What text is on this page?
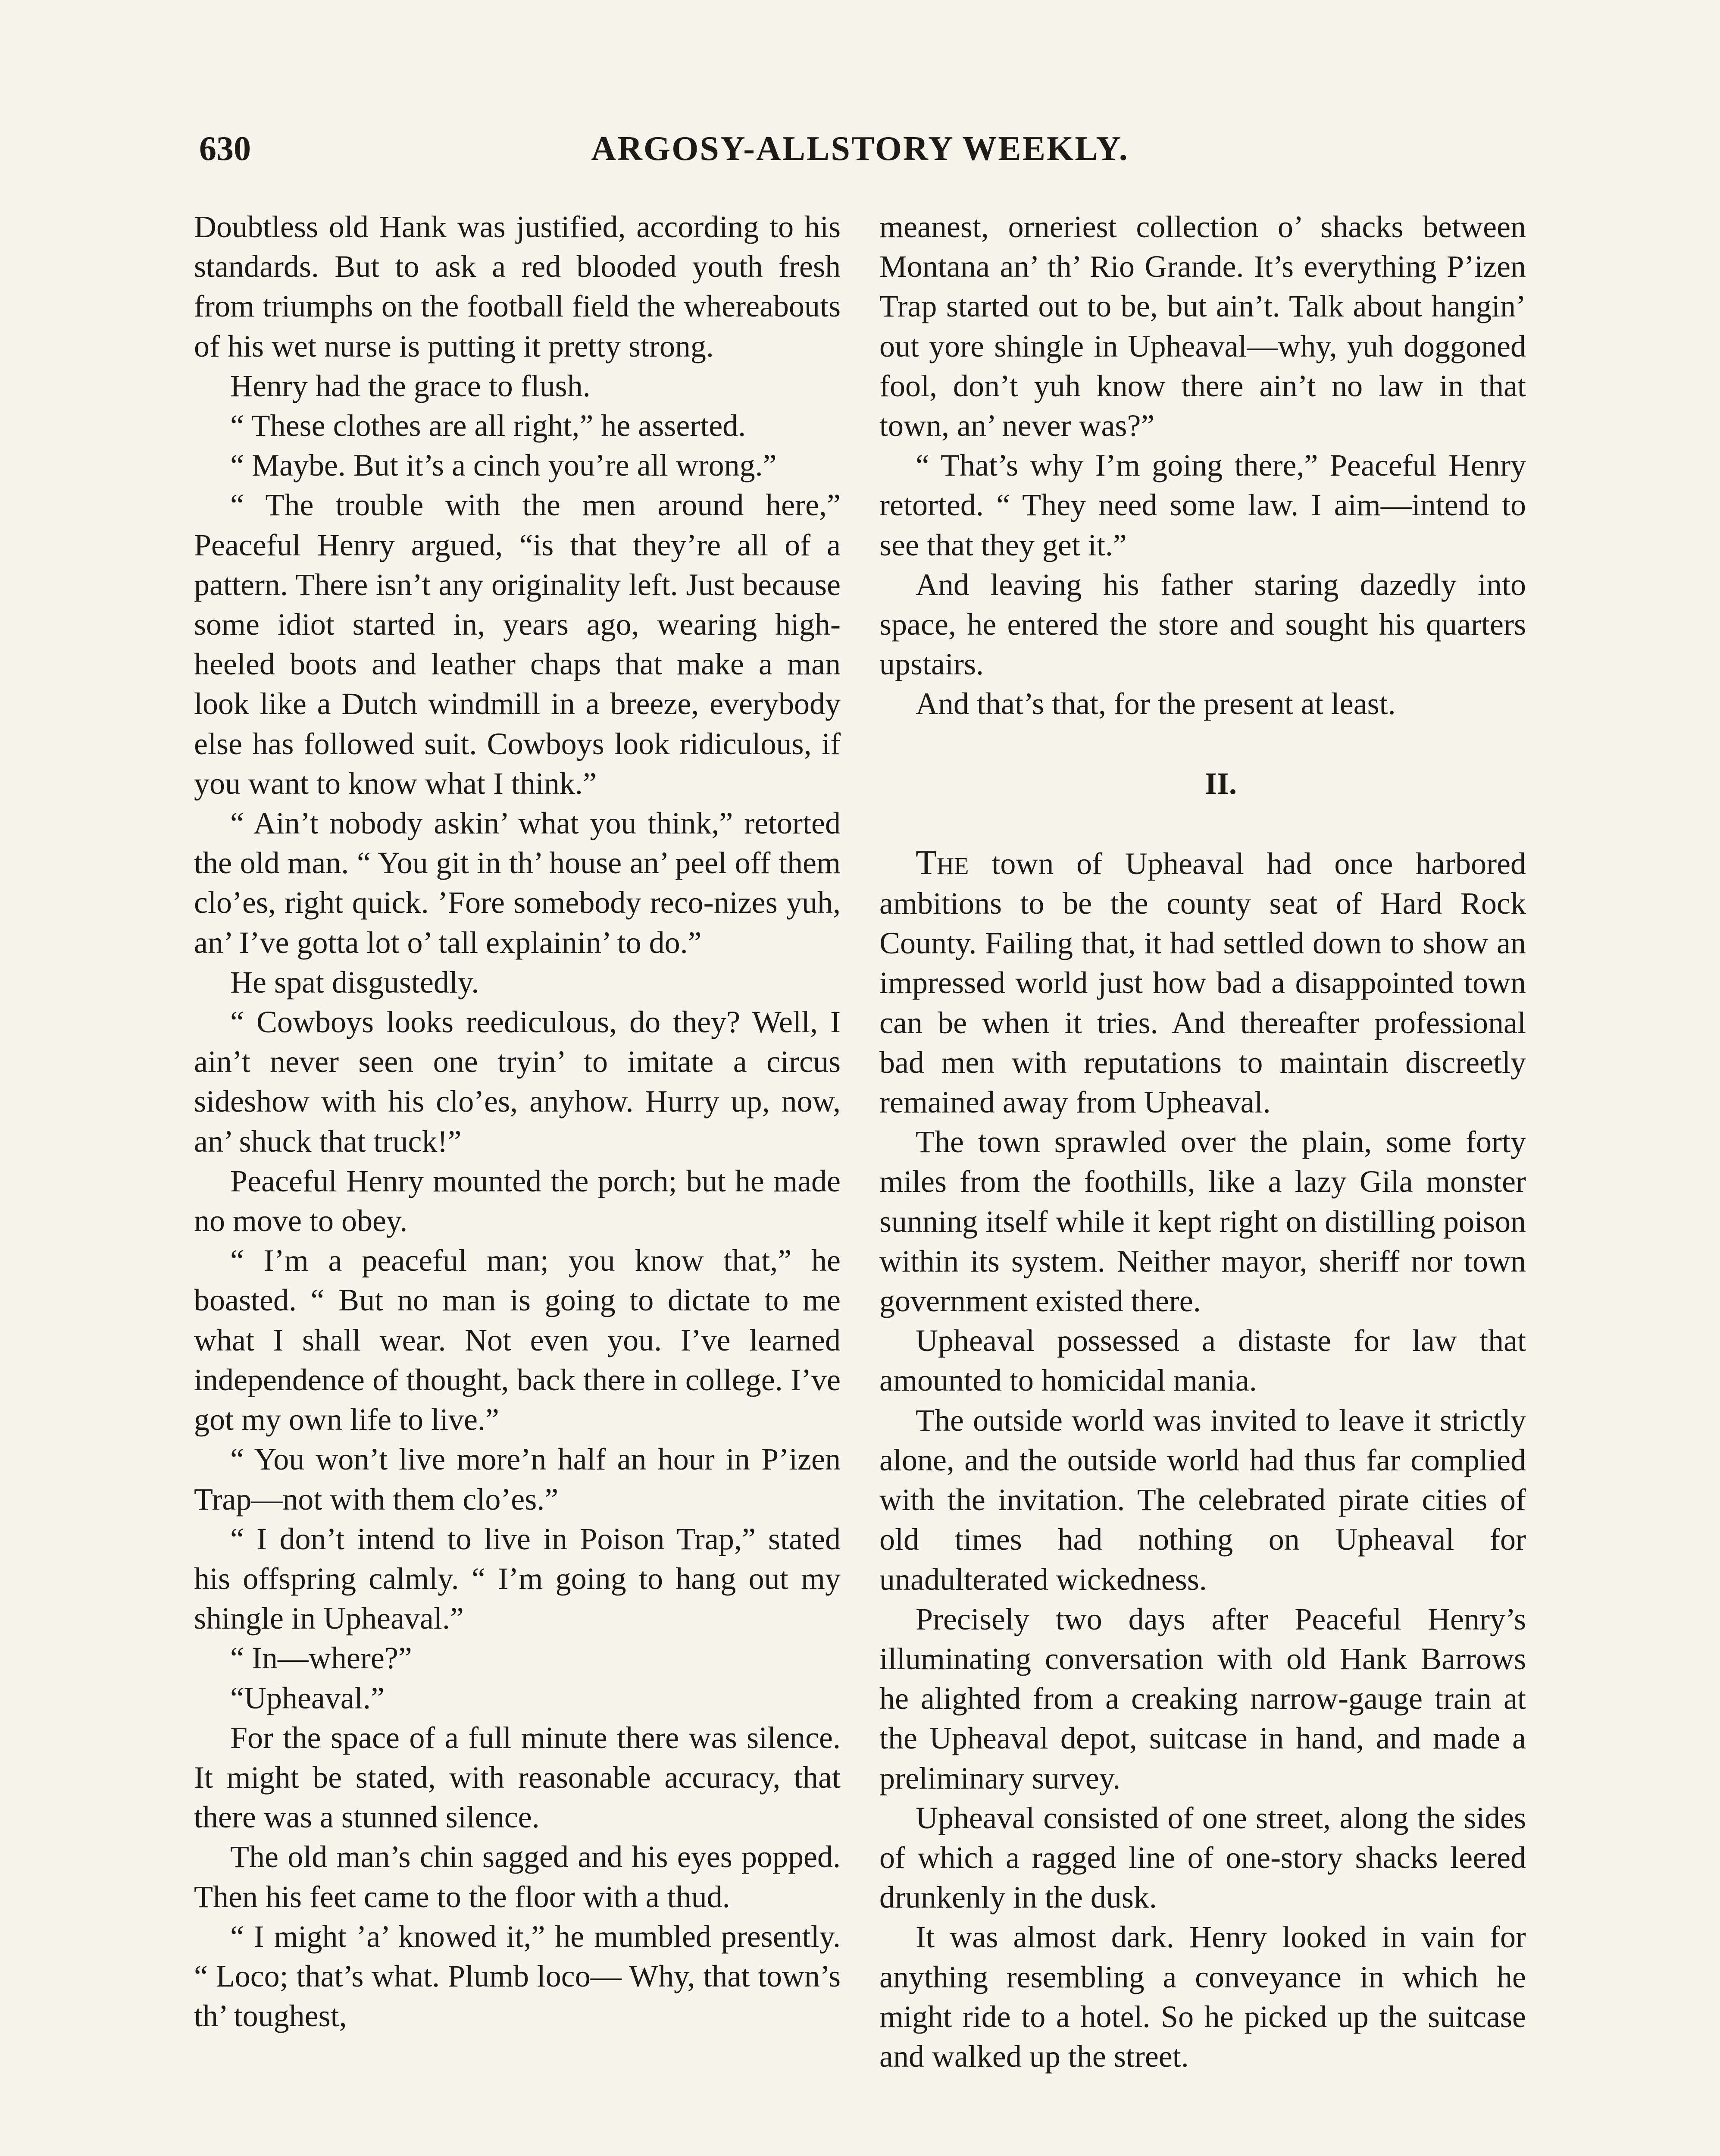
630	ARGOSY-ALLSTORY WEEKLY.

Doubtless old Hank was justified, according to his standards. But to ask a red blooded youth fresh from triumphs on the football field the whereabouts of his wet nurse is putting it pretty strong.

Henry had the grace to flush.

“ These clothes are all right,” he asserted.

“ Maybe. But it’s a cinch you’re all wrong.”

“ The trouble with the men around here,” Peaceful Henry argued, “is that they’re all of a pattern. There isn’t any originality left. Just because some idiot started in, years ago, wearing high-heeled boots and leather chaps that make a man look like a Dutch windmill in a breeze, everybody else has followed suit. Cowboys look ridiculous, if you want to know what I think.”

“ Ain’t nobody askin’ what you think,” retorted the old man. “ You git in th’ house an’ peel off them clo’es, right quick. ’Fore somebody reco-nizes yuh, an’ I’ve gotta lot o’ tall explainin’ to do.”

He spat disgustedly.

“ Cowboys looks reediculous, do they? Well, I ain’t never seen one tryin’ to imitate a circus sideshow with his clo’es, anyhow. Hurry up, now, an’ shuck that truck!”

Peaceful Henry mounted the porch; but he made no move to obey.

“ I’m a peaceful man; you know that,” he boasted. “ But no man is going to dictate to me what I shall wear. Not even you. I’ve learned independence of thought, back there in college. I’ve got my own life to live.”

“ You won’t live more’n half an hour in P’izen Trap—not with them clo’es.”

“ I don’t intend to live in Poison Trap,” stated his offspring calmly. “ I’m going to hang out my shingle in Upheaval.”

“ In—where?”

“Upheaval.”

For the space of a full minute there was silence. It might be stated, with reasonable accuracy, that there was a stunned silence.

The old man’s chin sagged and his eyes popped. Then his feet came to the floor with a thud.

“ I might ’a’ knowed it,” he mumbled presently. “ Loco; that’s what. Plumb loco— Why, that town’s th’ toughest,

meanest, orneriest collection o’ shacks between Montana an’ th’ Rio Grande. It’s everything P’izen Trap started out to be, but ain’t. Talk about hangin’ out yore shingle in Upheaval—why, yuh doggoned fool, don’t yuh know there ain’t no law in that town, an’ never was?”

“ That’s why I’m going there,” Peaceful Henry retorted. “ They need some law. I aim—intend to see that they get it.”

And leaving his father staring dazedly into space, he entered the store and sought his quarters upstairs.

And that’s that, for the present at least.

II.

The town of Upheaval had once harbored ambitions to be the county seat of Hard Rock County. Failing that, it had settled down to show an impressed world just how bad a disappointed town can be when it tries. And thereafter professional bad men with reputations to maintain discreetly remained away from Upheaval.

The town sprawled over the plain, some forty miles from the foothills, like a lazy Gila monster sunning itself while it kept right on distilling poison within its system. Neither mayor, sheriff nor town government existed there.

Upheaval possessed a distaste for law that amounted to homicidal mania.

The outside world was invited to leave it strictly alone, and the outside world had thus far complied with the invitation. The celebrated pirate cities of old times had nothing on Upheaval for unadulterated wickedness.

Precisely two days after Peaceful Henry’s illuminating conversation with old Hank Barrows he alighted from a creaking narrow-gauge train at the Upheaval depot, suitcase in hand, and made a preliminary survey.

Upheaval consisted of one street, along the sides of which a ragged line of one-story shacks leered drunkenly in the dusk.

It was almost dark. Henry looked in vain for anything resembling a conveyance in which he might ride to a hotel. So he picked up the suitcase and walked up the street.
